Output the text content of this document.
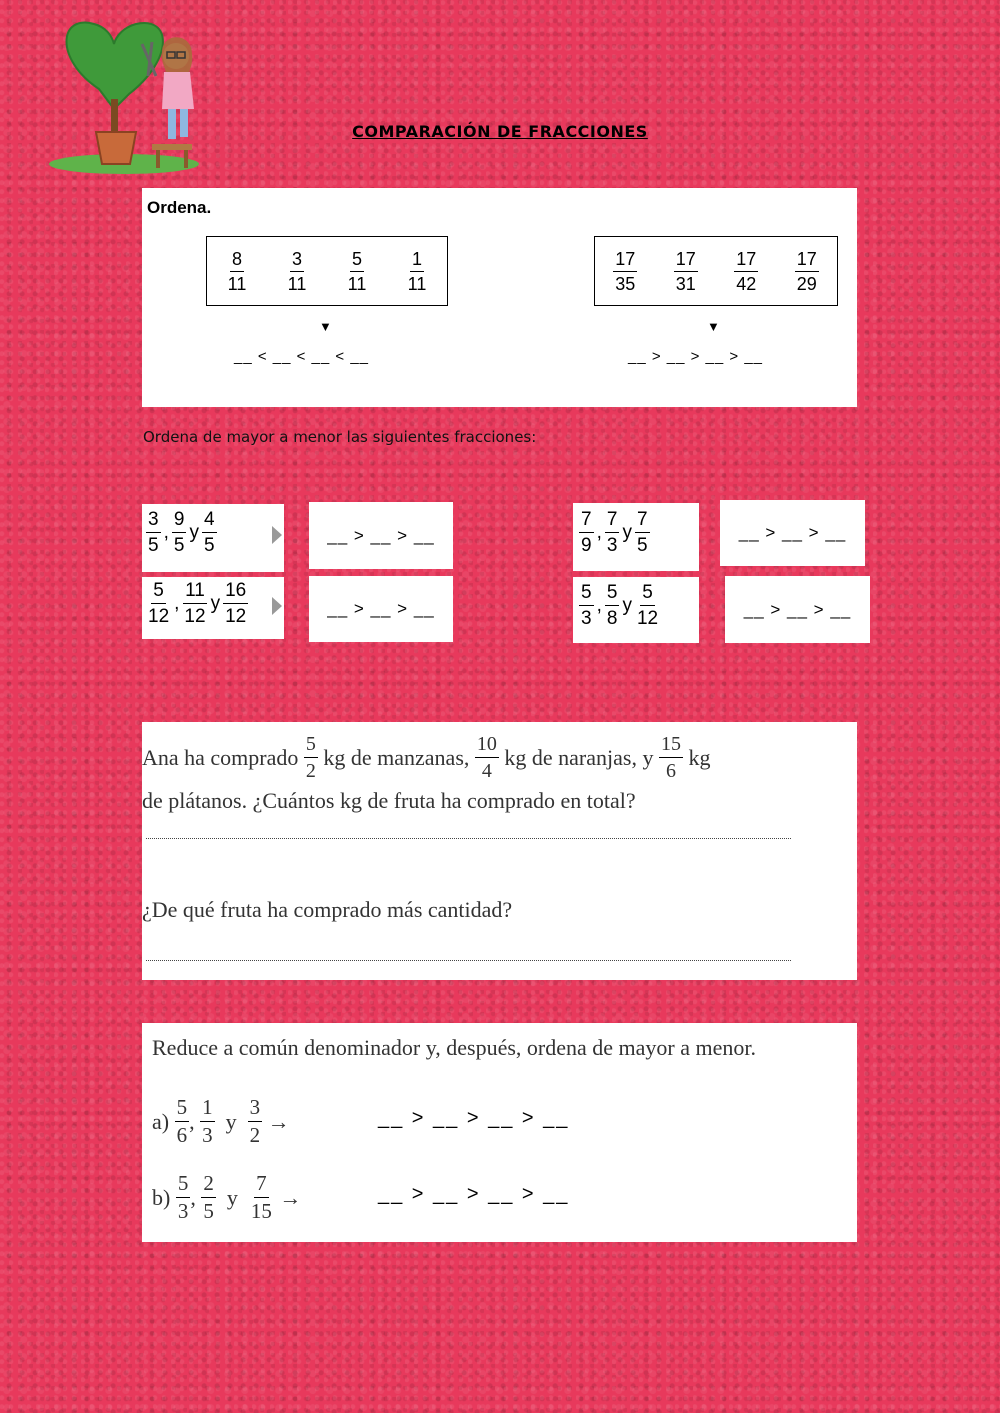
COMPARACIÓN DE FRACCIONES
Ordena.
$\frac{8}{11} \frac{3}{11} \frac{5}{11} \frac{1}{11}$
▼
__ < __ < __ < __
$\frac{17}{35} \frac{17}{31} \frac{17}{42} \frac{17}{29}$
▼
__ > __ > __ > __
Ordena de mayor a menor las siguientes fracciones:
$\frac{3}{5}$ , $\frac{9}{5}$ y $\frac{4}{5}$	__ > __ > __
$\frac{5}{12}$ , $\frac{11}{12}$ y $\frac{16}{12}$	__ > __ > __
$\frac{7}{9}$ , $\frac{7}{3}$ y $\frac{7}{5}$	__ > __ > __
$\frac{5}{3}$ , $\frac{5}{8}$ y $\frac{5}{12}$	__ > __ > __
Ana ha comprado
$\frac{5}{2}$
kg de manzanas,
$\frac{10}{4}$
kg de naranjas, y
$\frac{15}{6}$
kg
de plátanos. ¿Cuántos kg de fruta ha comprado en total?
¿De qué fruta ha comprado más cantidad?
Reduce a común denominador y, después, ordena de mayor a menor.
a)
$\frac{5}{6}$ ,
$\frac{1}{3}$
y
$\frac{3}{2}$
→	__ > __ > __ > __
b)
$\frac{5}{3}$ ,
$\frac{2}{5}$
y
$\frac{7}{15}$
→	__ > __ > __ > __
